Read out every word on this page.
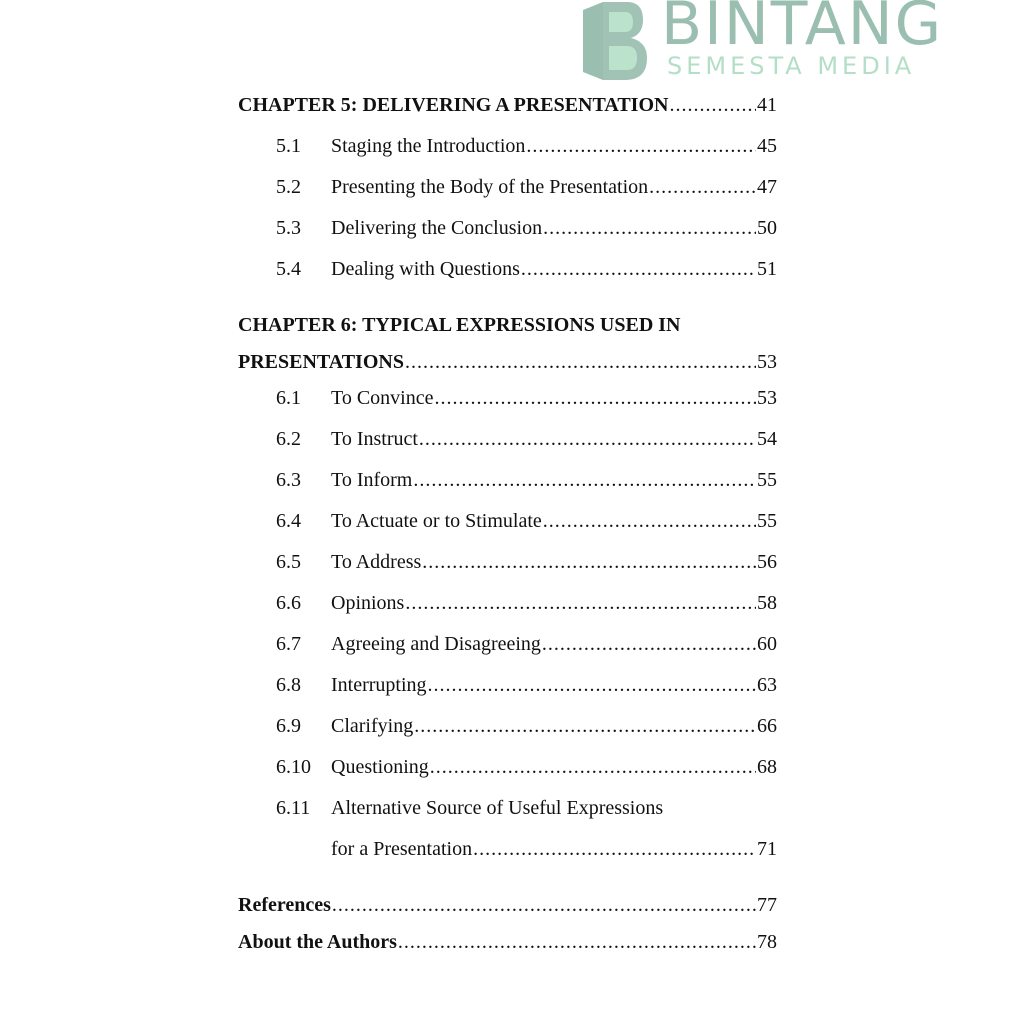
CHAPTER 5: DELIVERING A PRESENTATION .....	41
5.1	Staging the Introduction .....	45
5.2	Presenting the Body of the Presentation .....	47
5.3	Delivering the Conclusion .....	50
5.4	Dealing with Questions .....	51
CHAPTER 6: TYPICAL EXPRESSIONS USED IN
PRESENTATIONS .....	53
6.1	To Convince .....	53
6.2	To Instruct .....	54
6.3	To Inform .....	55
6.4	To Actuate or to Stimulate .....	55
6.5	To Address .....	56
6.6	Opinions .....	58
6.7	Agreeing and Disagreeing .....	60
6.8	Interrupting .....	63
6.9	Clarifying .....	66
6.10	Questioning .....	68
6.11	Alternative Source of Useful Expressions
for a Presentation .....	71
References .....	77
About the Authors .....	78
BINTANG
SEMESTA MEDIA
